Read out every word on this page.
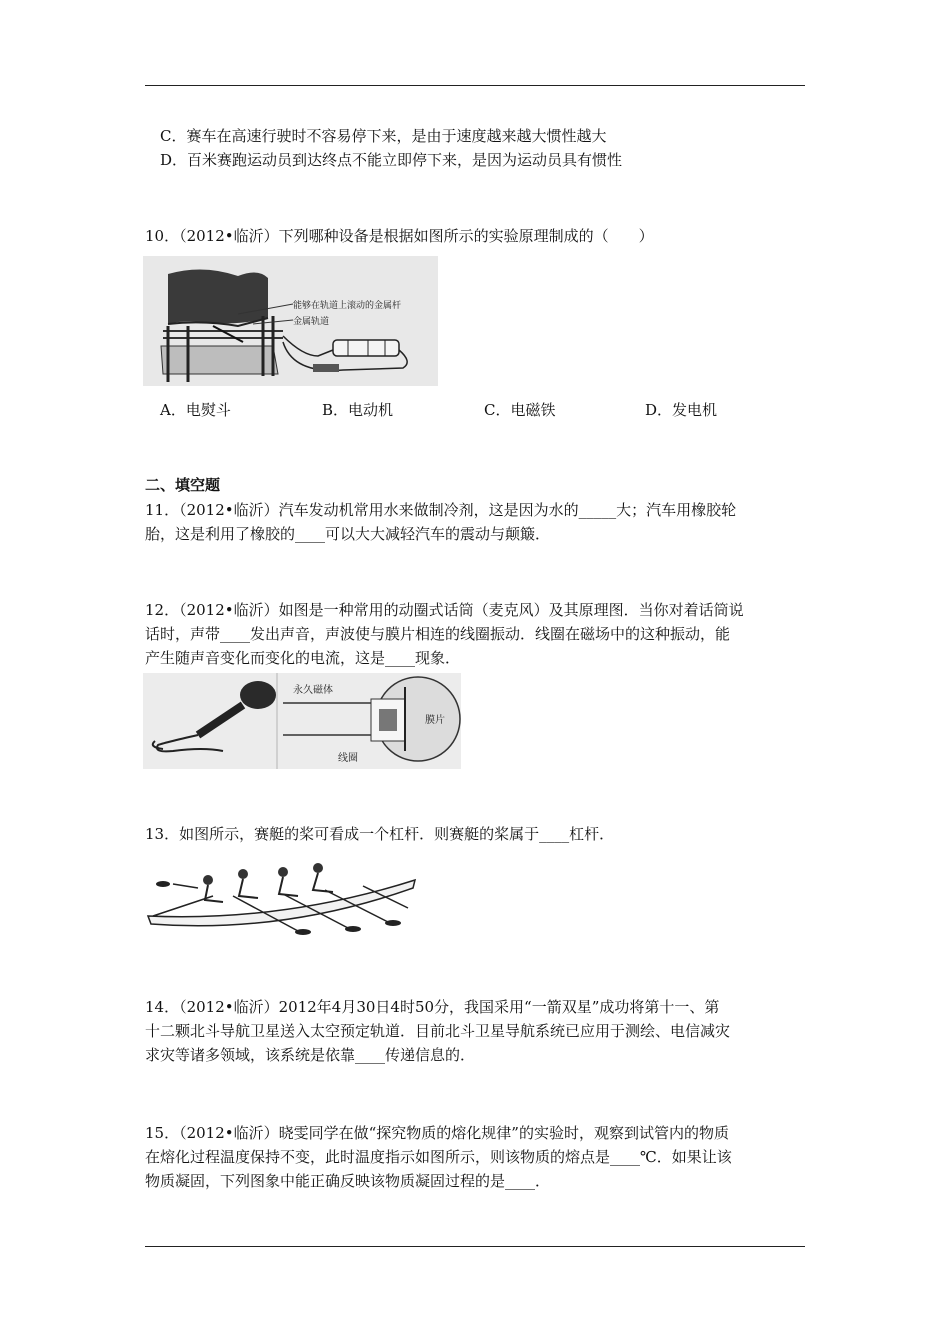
C．赛车在高速行驶时不容易停下来，是由于速度越来越大惯性越大
D．百米赛跑运动员到达终点不能立即停下来，是因为运动员具有惯性
10．（2012•临沂）下列哪种设备是根据如图所示的实验原理制成的（　　）
能够在轨道上滚动的金属杆
金属轨道
A．电熨斗	B．电动机	C．电磁铁	D．发电机
二、填空题
11．（2012•临沂）汽车发动机常用水来做制冷剂，这是因为水的_____大；汽车用橡胶轮
胎，这是利用了橡胶的____可以大大减轻汽车的震动与颠簸．
12．（2012•临沂）如图是一种常用的动圈式话筒（麦克风）及其原理图．当你对着话筒说
话时，声带____发出声音，声波使与膜片相连的线圈振动．线圈在磁场中的这种振动，能
产生随声音变化而变化的电流，这是____现象．
永久磁体
线圈
膜片
13．如图所示，赛艇的桨可看成一个杠杆．则赛艇的桨属于____杠杆．
14．（2012•临沂）2012年4月30日4时50分，我国采用“一箭双星”成功将第十一、第
十二颗北斗导航卫星送入太空预定轨道．目前北斗卫星导航系统已应用于测绘、电信减灾
求灾等诸多领域，该系统是依靠____传递信息的．
15．（2012•临沂）晓雯同学在做“探究物质的熔化规律”的实验时，观察到试管内的物质
在熔化过程温度保持不变，此时温度指示如图所示，则该物质的熔点是____℃．如果让该
物质凝固，下列图象中能正确反映该物质凝固过程的是____．
